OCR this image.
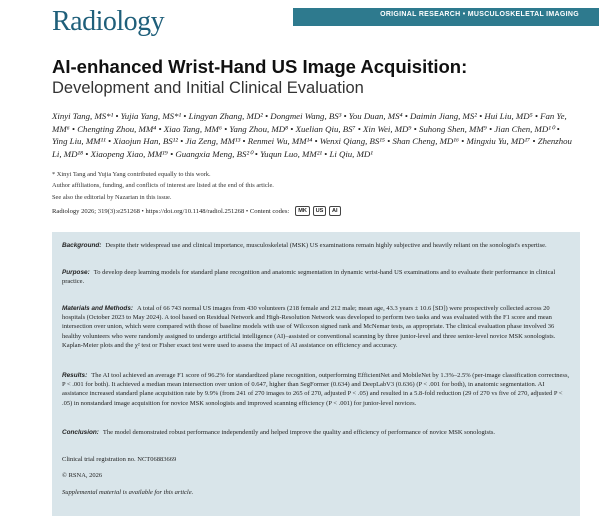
Radiology	ORIGINAL RESEARCH • MUSCULOSKELETAL IMAGING
AI-enhanced Wrist-Hand US Image Acquisition:
Development and Initial Clinical Evaluation
Xinyi Tang, MS*¹ • Yujia Yang, MS*¹ • Lingyan Zhang, MD² • Dongmei Wang, BS³ • You Duan, MS⁴ • Daimin Jiang, MS² • Hui Liu, MD⁵ • Fan Ye, MM⁶ • Chengting Zhou, MM⁴ • Xiao Tang, MM⁶ • Yang Zhou, MD⁸ • Xuelian Qiu, BS⁷ • Xin Wei, MD⁹ • Suhong Shen, MM⁹ • Jian Chen, MD¹⁰ • Ying Liu, MM¹¹ • Xiaojun Han, BS¹² • Jia Zeng, MM¹³ • Renmei Wu, MM¹⁴ • Wenxi Qiang, BS¹⁵ • Shan Cheng, MD¹⁶ • Mingxiu Yu, MD¹⁷ • Zhenzhou Li, MD¹⁸ • Xiaopeng Xiao, MM¹⁹ • Guangxia Meng, BS²⁰ • Yuqun Luo, MM²¹ • Li Qiu, MD¹
* Xinyi Tang and Yujia Yang contributed equally to this work.
Author affiliations, funding, and conflicts of interest are listed at the end of this article.
See also the editorial by Nazarian in this issue.
Radiology 2026; 319(3):e251268 • https://doi.org/10.1148/radiol.251268 • Content codes:	MK US AI

Background: Despite their widespread use and clinical importance, musculoskeletal (MSK) US examinations remain highly subjective and heavily reliant on the sonologist's expertise.

Purpose: To develop deep learning models for standard plane recognition and anatomic segmentation in dynamic wrist-hand US examinations and to evaluate their performance in clinical practice.

Materials and Methods: A total of 66 743 normal US images from 430 volunteers (218 female and 212 male; mean age, 43.3 years ± 10.6 [SD]) were prospectively collected across 20 hospitals (October 2023 to May 2024). A tool based on Residual Network and High-Resolution Network was developed to perform two tasks and was evaluated with the F1 score and mean intersection over union, which were compared with those of baseline models with use of Wilcoxon signed rank and McNemar tests, as appropriate. The clinical evaluation phase involved 36 healthy volunteers who were randomly assigned to undergo artificial intelligence (AI)–assisted or conventional scanning by three junior-level and three senior-level novice MSK sonologists. Kaplan-Meier plots and the χ² test or Fisher exact test were used to assess the impact of AI assistance on efficiency and accuracy.

Results: The AI tool achieved an average F1 score of 96.2% for standardized plane recognition, outperforming EfficientNet and MobileNet by 1.3%–2.5% (per-image classification correctness, P < .001 for both). It achieved a median mean intersection over union of 0.647, higher than SegFormer (0.634) and DeepLabV3 (0.636) (P < .001 for both), in anatomic segmentation. AI assistance increased standard plane acquisition rate by 9.9% (from 241 of 270 images to 265 of 270, adjusted P < .05) and resulted in a 5.8-fold reduction (29 of 270 vs five of 270, adjusted P < .05) in nonstandard image acquisition for novice MSK sonologists and improved scanning efficiency (P < .001) for junior-level novices.

Conclusion: The model demonstrated robust performance independently and helped improve the quality and efficiency of performance of novice MSK sonologists.

Clinical trial registration no. NCT06883669

© RSNA, 2026

Supplemental material is available for this article.
